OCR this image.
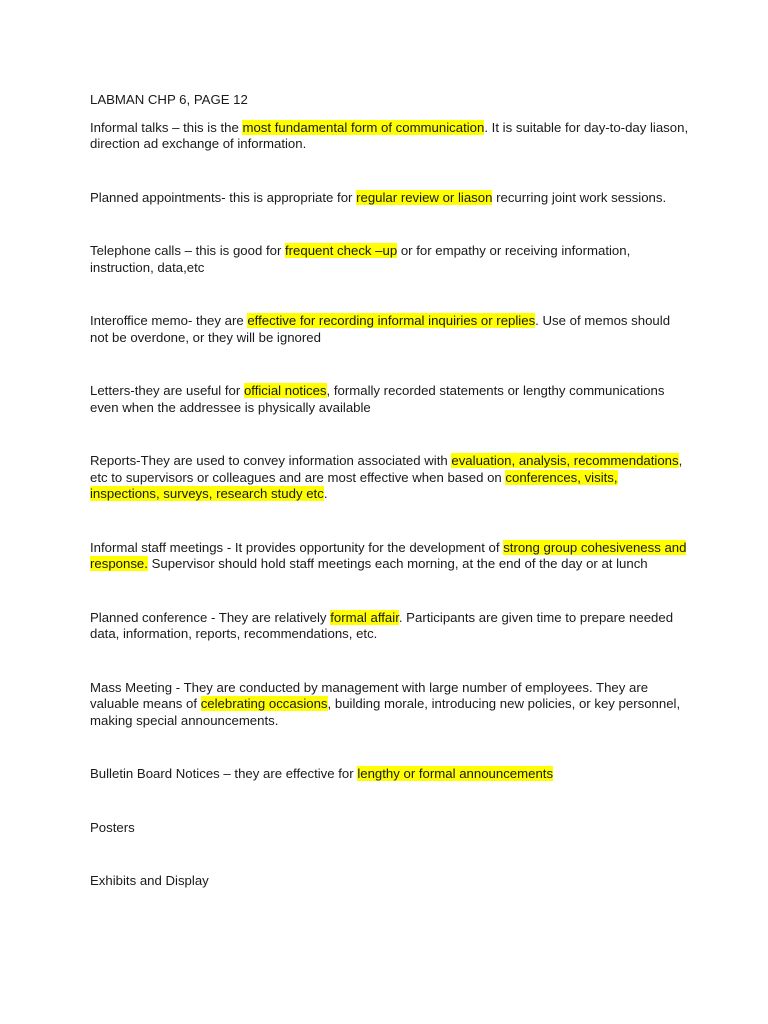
LABMAN CHP 6, PAGE 12

Informal talks – this is the most fundamental form of communication. It is suitable for day-to-day liason, direction ad exchange of information.

Planned appointments- this is appropriate for regular review or liason recurring joint work sessions.

Telephone calls – this is good for frequent check –up or for empathy or receiving information, instruction, data,etc

Interoffice memo- they are effective for recording informal inquiries or replies. Use of memos should not be overdone, or they will be ignored

Letters-they are useful for official notices, formally recorded statements or lengthy communications even when the addressee is physically available

Reports-They are used to convey information associated with evaluation, analysis, recommendations, etc to supervisors or colleagues and are most effective when based on conferences, visits, inspections, surveys, research study etc.

Informal staff meetings - It provides opportunity for the development of strong group cohesiveness and response. Supervisor should hold staff meetings each morning, at the end of the day or at lunch

Planned conference - They are relatively formal affair. Participants are given time to prepare needed data, information, reports, recommendations, etc.

Mass Meeting - They are conducted by management with large number of employees. They are valuable means of celebrating occasions, building morale, introducing new policies, or key personnel, making special announcements.

Bulletin Board Notices – they are effective for lengthy or formal announcements

Posters

Exhibits and Display
